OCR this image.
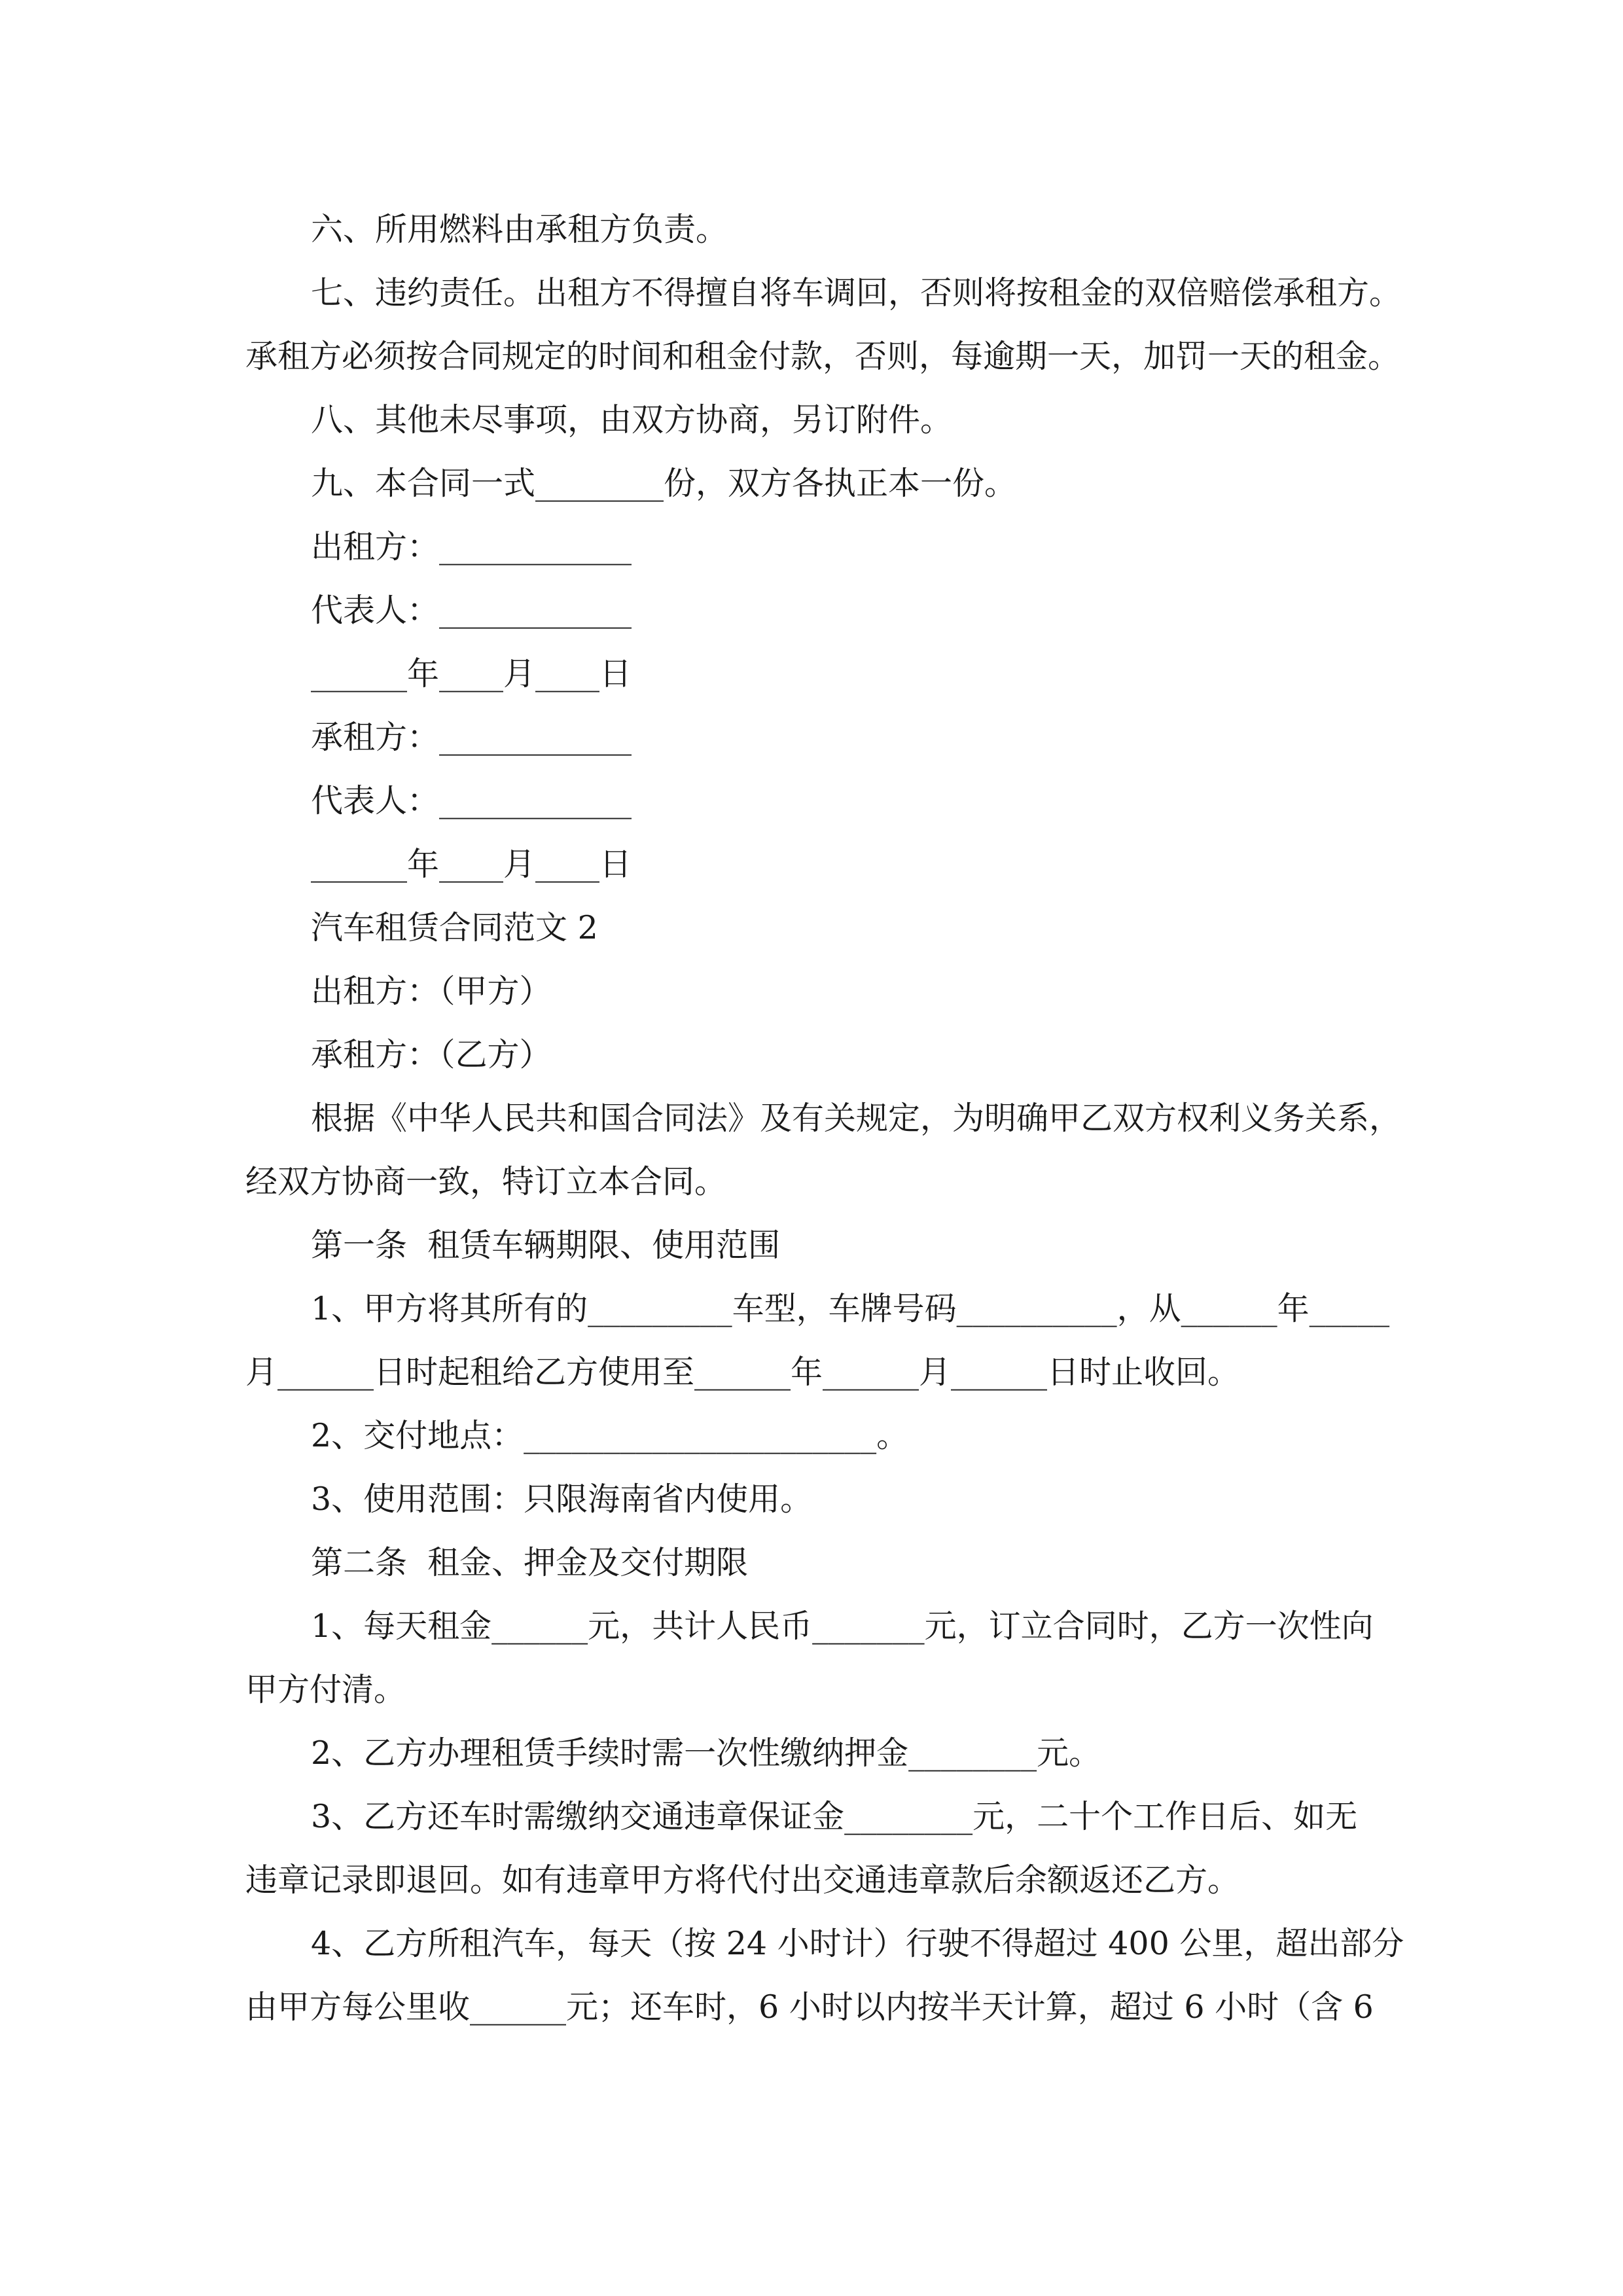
六、所用燃料由承租方负责。
七、违约责任。出租方不得擅自将车调回，否则将按租金的双倍赔偿承租方。
承租方必须按合同规定的时间和租金付款，否则，每逾期一天，加罚一天的租金。
八、其他未尽事项，由双方协商，另订附件。
九、本合同一式________份，双方各执正本一份。
出租方：____________
代表人：____________
______年____月____日
承租方：____________
代表人：____________
______年____月____日
汽车租赁合同范文 2
出租方：（甲方）
承租方：（乙方）
根据《中华人民共和国合同法》及有关规定，为明确甲乙双方权利义务关系，
经双方协商一致，特订立本合同。
第一条  租赁车辆期限、使用范围
1、甲方将其所有的_________车型，车牌号码__________，从______年_____
月______日时起租给乙方使用至______年______月______日时止收回。
2、交付地点：______________________。
3、使用范围：只限海南省内使用。
第二条  租金、押金及交付期限
1、每天租金______元，共计人民币_______元，订立合同时，乙方一次性向
甲方付清。
2、乙方办理租赁手续时需一次性缴纳押金________元。
3、乙方还车时需缴纳交通违章保证金________元，二十个工作日后、如无
违章记录即退回。如有违章甲方将代付出交通违章款后余额返还乙方。
4、乙方所租汽车，每天（按 24 小时计）行驶不得超过 400 公里，超出部分
由甲方每公里收______元；还车时，6 小时以内按半天计算，超过 6 小时（含 6
